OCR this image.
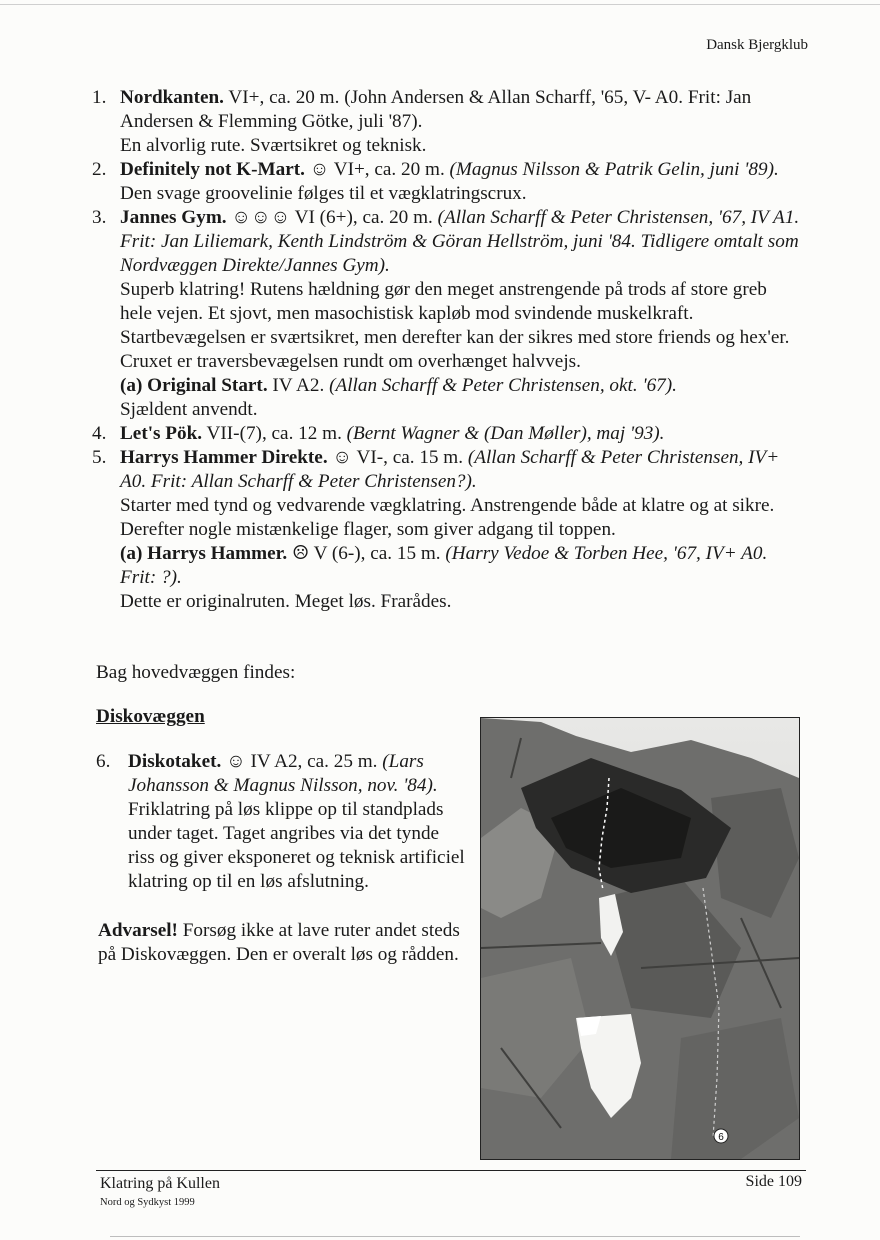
Dansk Bjergklub
1. Nordkanten. VI+, ca. 20 m. (John Andersen & Allan Scharff, '65, V- A0. Frit: Jan Andersen & Flemming Götke, juli '87).

En alvorlig rute. Sværtsikret og teknisk.

2. Definitely not K-Mart. ☺ VI+, ca. 20 m. (Magnus Nilsson & Patrik Gelin, juni '89).

Den svage groovelinie følges til et vægklatringscrux.

3. Jannes Gym. ☺☺☺ VI (6+), ca. 20 m. (Allan Scharff & Peter Christensen, '67, IV A1. Frit: Jan Liliemark, Kenth Lindström & Göran Hellström, juni '84. Tidligere omtalt som Nordvæggen Direkte/Jannes Gym).

Superb klatring! Rutens hældning gør den meget anstrengende på trods af store greb hele vejen. Et sjovt, men masochistisk kapløb mod svindende muskelkraft. Startbevægelsen er sværtsikret, men derefter kan der sikres med store friends og hex'er. Cruxet er traversbevægelsen rundt om overhænget halvvejs.

(a) Original Start. IV A2. (Allan Scharff & Peter Christensen, okt. '67).

Sjældent anvendt.

4. Let's Pök. VII-(7), ca. 12 m. (Bernt Wagner & (Dan Møller), maj '93).

5. Harrys Hammer Direkte. ☺ VI-, ca. 15 m. (Allan Scharff & Peter Christensen, IV+ A0. Frit: Allan Scharff & Peter Christensen?).

Starter med tynd og vedvarende vægklatring. Anstrengende både at klatre og at sikre. Derefter nogle mistænkelige flager, som giver adgang til toppen.

(a) Harrys Hammer. ☹ V (6-), ca. 15 m. (Harry Vedoe & Torben Hee, '67, IV+ A0. Frit: ?).

Dette er originalruten. Meget løs. Frarådes.

Bag hovedvæggen findes:
Diskovæggen
6. Diskotaket. ☺ IV A2, ca. 25 m. (Lars Johansson & Magnus Nilsson, nov. '84).

Friklatring på løs klippe op til standplads under taget. Taget angribes via det tynde riss og giver eksponeret og teknisk artificiel klatring op til en løs afslutning.

Advarsel! Forsøg ikke at lave ruter andet steds på Diskovæggen. Den er overalt løs og rådden.
6
Klatring på Kullen
Nord og Sydkyst 1999
Side 109
